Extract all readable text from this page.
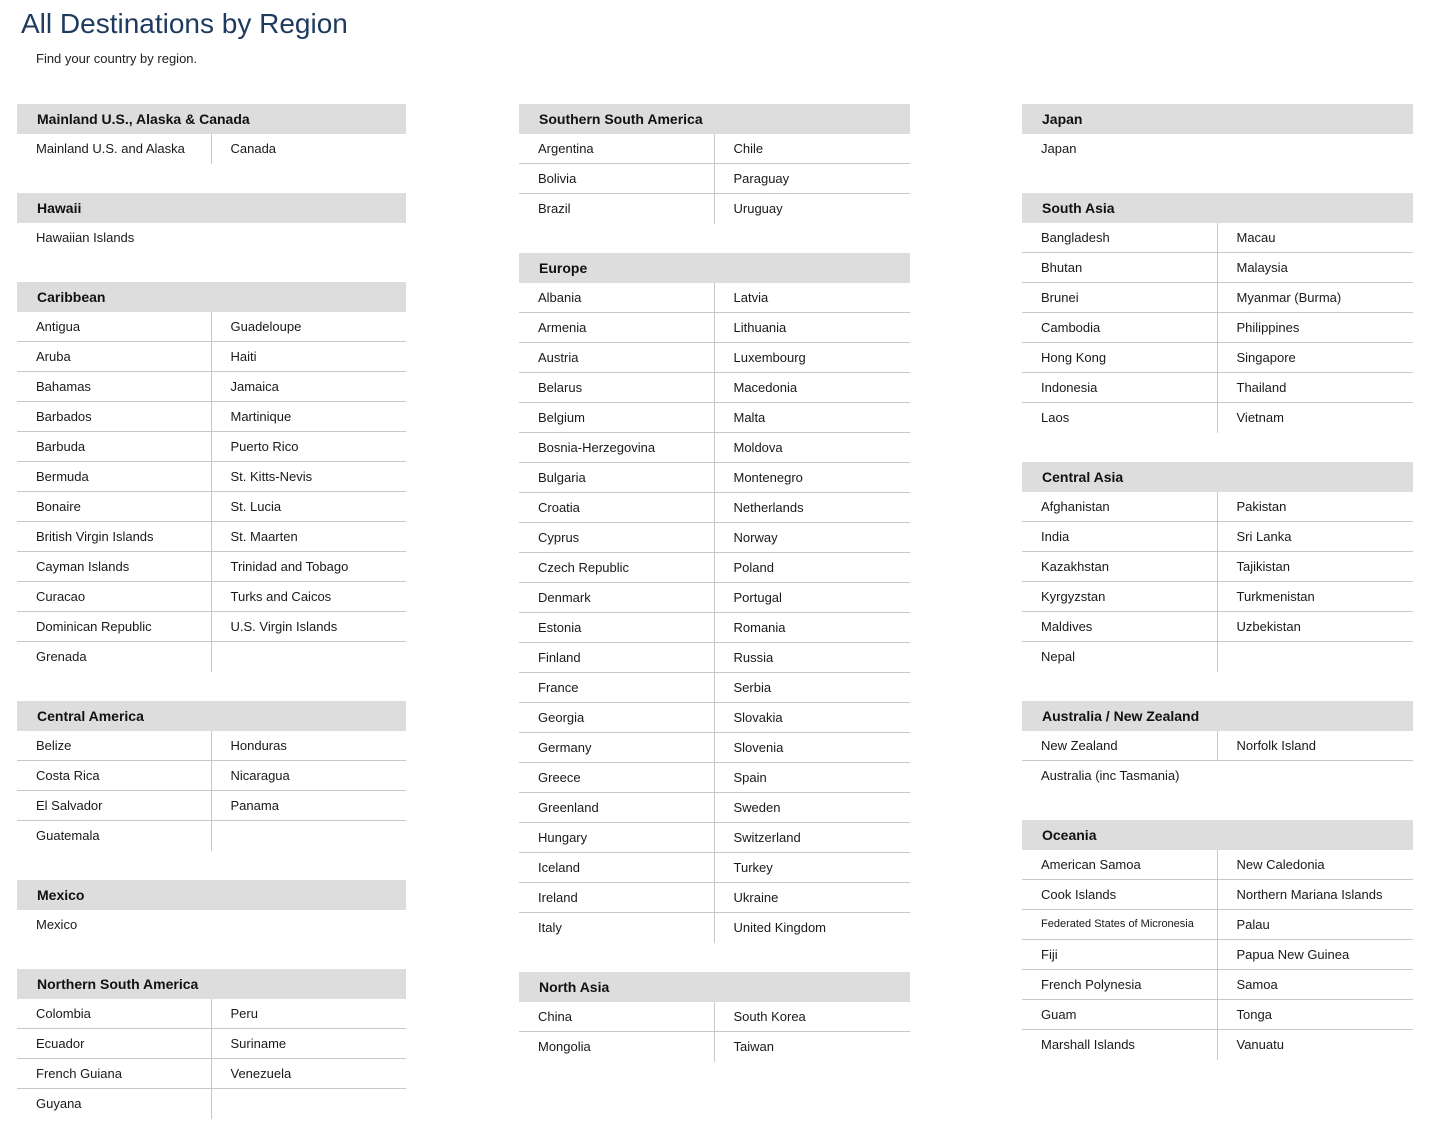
All Destinations by Region
Find your country by region.
Mainland U.S., Alaska & Canada
Mainland U.S. and Alaska	Canada
Hawaii
Hawaiian Islands
Caribbean
Antigua	Guadeloupe
Aruba	Haiti
Bahamas	Jamaica
Barbados	Martinique
Barbuda	Puerto Rico
Bermuda	St. Kitts-Nevis
Bonaire	St. Lucia
British Virgin Islands	St. Maarten
Cayman Islands	Trinidad and Tobago
Curacao	Turks and Caicos
Dominican Republic	U.S. Virgin Islands
Grenada
Central America
Belize	Honduras
Costa Rica	Nicaragua
El Salvador	Panama
Guatemala
Mexico
Mexico
Northern South America
Colombia	Peru
Ecuador	Suriname
French Guiana	Venezuela
Guyana
Southern South America
Argentina	Chile
Bolivia	Paraguay
Brazil	Uruguay
Europe
Albania	Latvia
Armenia	Lithuania
Austria	Luxembourg
Belarus	Macedonia
Belgium	Malta
Bosnia-Herzegovina	Moldova
Bulgaria	Montenegro
Croatia	Netherlands
Cyprus	Norway
Czech Republic	Poland
Denmark	Portugal
Estonia	Romania
Finland	Russia
France	Serbia
Georgia	Slovakia
Germany	Slovenia
Greece	Spain
Greenland	Sweden
Hungary	Switzerland
Iceland	Turkey
Ireland	Ukraine
Italy	United Kingdom
North Asia
China	South Korea
Mongolia	Taiwan
Japan
Japan
South Asia
Bangladesh	Macau
Bhutan	Malaysia
Brunei	Myanmar (Burma)
Cambodia	Philippines
Hong Kong	Singapore
Indonesia	Thailand
Laos	Vietnam
Central Asia
Afghanistan	Pakistan
India	Sri Lanka
Kazakhstan	Tajikistan
Kyrgyzstan	Turkmenistan
Maldives	Uzbekistan
Nepal
Australia / New Zealand
New Zealand	Norfolk Island
Australia (inc Tasmania)
Oceania
American Samoa	New Caledonia
Cook Islands	Northern Mariana Islands
Federated States of Micronesia	Palau
Fiji	Papua New Guinea
French Polynesia	Samoa
Guam	Tonga
Marshall Islands	Vanuatu
